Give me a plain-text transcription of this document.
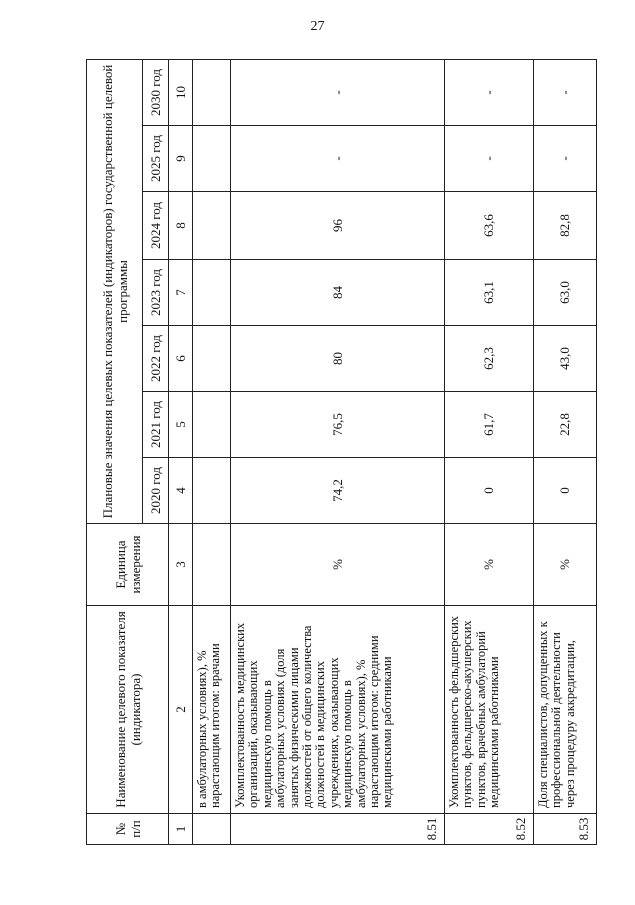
27
№ п/п	Наименование целевого показателя (индикатора)	Единица измерения	Плановые значения целевых показателей (индикаторов) государственной целевой программы						
			2020 год	2021 год	2022 год	2023 год	2024 год	2025 год	2030 год
1	2	3	4	5	6	7	8	9	10
	в амбулаторных условиях), % нарастающим итогом: врачами								
8.51	Укомплектованность медицинских организаций, оказывающих медицинскую помощь в амбулаторных условиях (доля занятых физическими лицами должностей от общего количества должностей в медицинских учреждениях, оказывающих медицинскую помощь в амбулаторных условиях), % нарастающим итогом: средними медицинскими работниками	%	74,2	76,5	80	84	96	-	-
8.52	Укомплектованность фельдшерских пунктов, фельдшерско-акушерских пунктов, врачебных амбулаторий медицинскими работниками	%	0	61,7	62,3	63,1	63,6	-	-
8.53	Доля специалистов, допущенных к профессиональной деятельности через процедуру аккредитации,	%	0	22,8	43,0	63,0	82,8	-	-
